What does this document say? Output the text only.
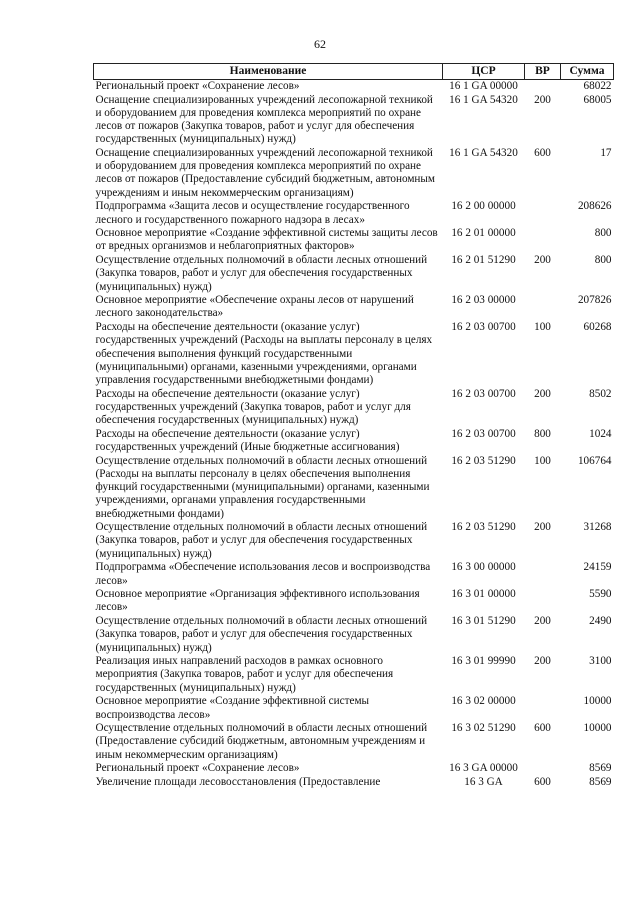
62
Наименование	ЦСР	ВР	Сумма
Региональный проект «Сохранение лесов»	16 1 GA 00000		68022
Оснащение специализированных учреждений лесопожарной техникой и оборудованием для проведения комплекса мероприятий по охране лесов от пожаров (Закупка товаров, работ и услуг для обеспечения государственных (муниципальных) нужд)	16 1 GA 54320	200	68005
Оснащение специализированных учреждений лесопожарной техникой и оборудованием для проведения комплекса мероприятий по охране лесов от пожаров (Предоставление субсидий бюджетным, автономным учреждениям и иным некоммерческим организациям)	16 1 GA 54320	600	17
Подпрограмма «Защита лесов и осуществление государственного лесного и государственного пожарного надзора в лесах»	16 2 00 00000		208626
Основное мероприятие «Создание эффективной системы защиты лесов от вредных организмов и неблагоприятных факторов»	16 2 01 00000		800
Осуществление отдельных полномочий в области лесных отношений (Закупка товаров, работ и услуг для обеспечения государственных (муниципальных) нужд)	16 2 01 51290	200	800
Основное мероприятие «Обеспечение охраны лесов от нарушений лесного законодательства»	16 2 03 00000		207826
Расходы на обеспечение деятельности (оказание услуг) государственных учреждений (Расходы на выплаты персоналу в целях обеспечения выполнения функций государственными (муниципальными) органами, казенными учреждениями, органами управления государственными внебюджетными фондами)	16 2 03 00700	100	60268
Расходы на обеспечение деятельности (оказание услуг) государственных учреждений (Закупка товаров, работ и услуг для обеспечения государственных (муниципальных) нужд)	16 2 03 00700	200	8502
Расходы на обеспечение деятельности (оказание услуг) государственных учреждений (Иные бюджетные ассигнования)	16 2 03 00700	800	1024
Осуществление отдельных полномочий в области лесных отношений (Расходы на выплаты персоналу в целях обеспечения выполнения функций государственными (муниципальными) органами, казенными учреждениями, органами управления государственными внебюджетными фондами)	16 2 03 51290	100	106764
Осуществление отдельных полномочий в области лесных отношений (Закупка товаров, работ и услуг для обеспечения государственных (муниципальных) нужд)	16 2 03 51290	200	31268
Подпрограмма «Обеспечение использования лесов и воспроизводства лесов»	16 3 00 00000		24159
Основное мероприятие «Организация эффективного использования лесов»	16 3 01 00000		5590
Осуществление отдельных полномочий в области лесных отношений (Закупка товаров, работ и услуг для обеспечения государственных (муниципальных) нужд)	16 3 01 51290	200	2490
Реализация иных направлений расходов в рамках основного мероприятия (Закупка товаров, работ и услуг для обеспечения государственных (муниципальных) нужд)	16 3 01 99990	200	3100
Основное мероприятие «Создание эффективной системы воспроизводства лесов»	16 3 02 00000		10000
Осуществление отдельных полномочий в области лесных отношений (Предоставление субсидий бюджетным, автономным учреждениям и иным некоммерческим организациям)	16 3 02 51290	600	10000
Региональный проект «Сохранение лесов»	16 3 GA 00000		8569
Увеличение площади лесовосстановления (Предоставление	16 3 GA	600	8569
